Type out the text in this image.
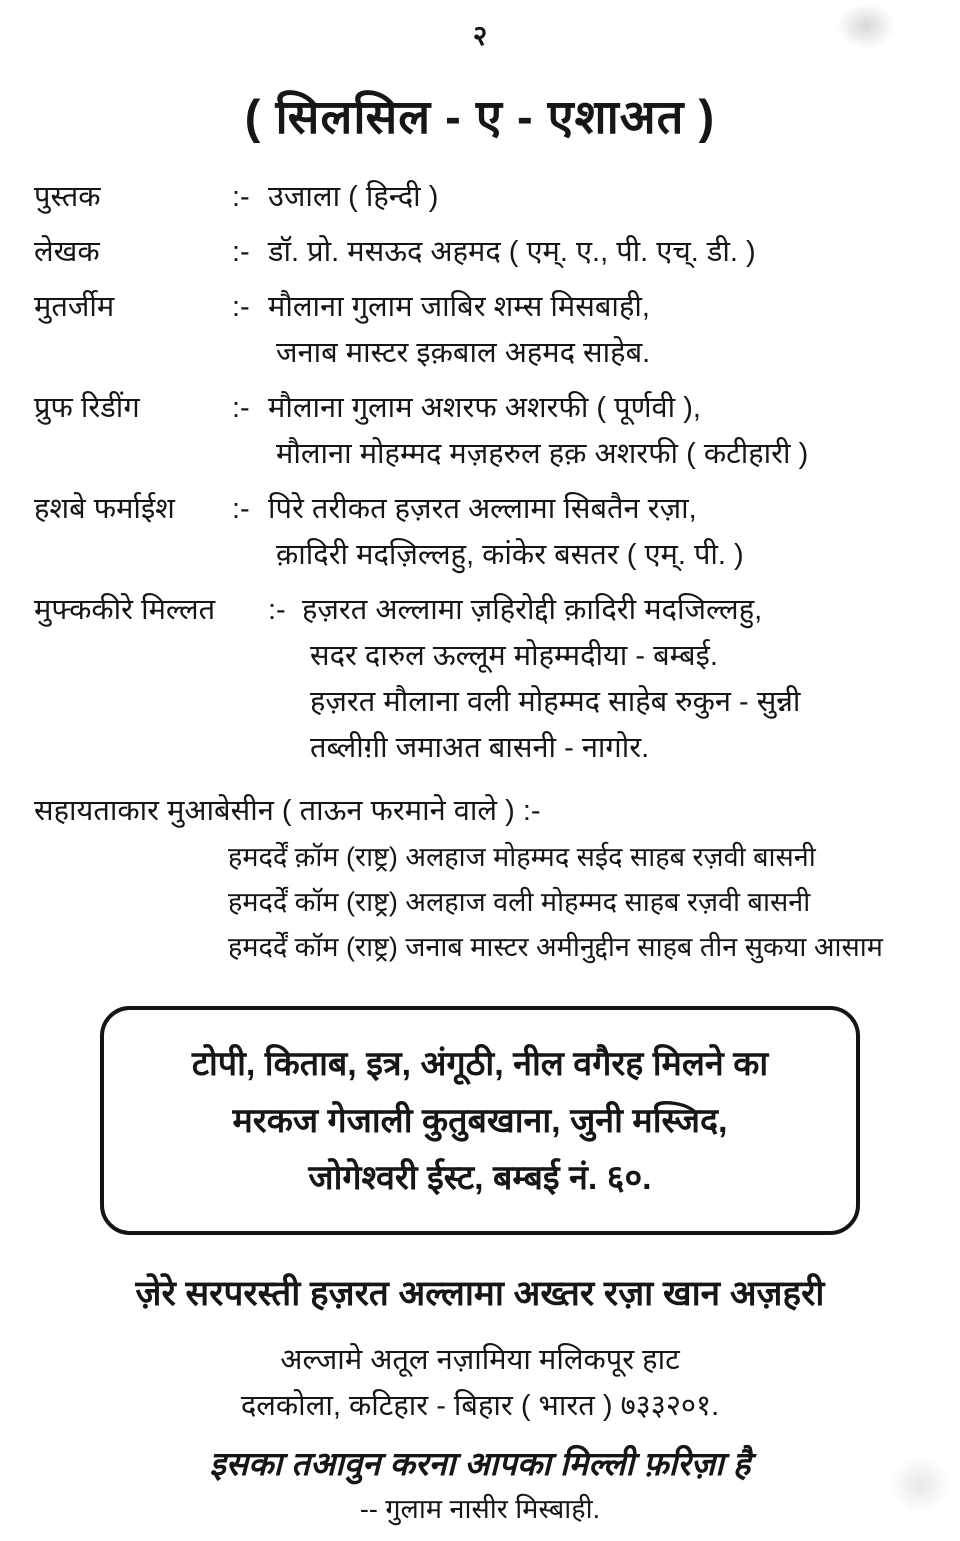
२
( सिलसिल - ए - एशाअत )
पुस्तक	:- उजाला ( हिन्दी )
लेखक	:- डॉ. प्रो. मसऊद अहमद ( एम्. ए., पी. एच्. डी. )
मुतर्जीम	:- मौलाना गुलाम जाबिर शम्स मिसबाही,
जनाब मास्टर इक़बाल अहमद साहेब.
प्रुफ रिडींग	:- मौलाना गुलाम अशरफ अशरफी ( पूर्णवी ),
मौलाना मोहम्मद मज़हरुल हक़ अशरफी ( कटीहारी )
हशबे फर्माईश	:- पिरे तरीकत हज़रत अल्लामा सिबतैन रज़ा,
क़ादिरी मदज़िल्लहु, कांकेर बसतर ( एम्. पी. )
मुफ्ककीरे मिल्लत	:- हज़रत अल्लामा ज़हिरोद्दी क़ादिरी मदजिल्लहु,
सदर दारुल ऊल्लूम मोहम्मदीया - बम्बई.
हज़रत मौलाना वली मोहम्मद साहेब रुकुन - सुन्नी
तब्लीग़ी जमाअत बासनी - नागोर.
सहायताकार मुआबेसीन ( ताऊन फरमाने वाले ) :-
हमदर्दें क़ॉम (राष्ट्र) अलहाज मोहम्मद सईद साहब रज़वी बासनी
हमदर्दें कॉम (राष्ट्र) अलहाज वली मोहम्मद साहब रज़वी बासनी
हमदर्दें कॉम (राष्ट्र) जनाब मास्टर अमीनुद्दीन साहब तीन सुकया आसाम
टोपी, किताब, इत्र, अंगूठी, नील वगैरह मिलने का
मरकज गेजाली कुतुबखाना, जुनी मस्जिद,
जोगेश्वरी ईस्ट, बम्बई नं. ६०.
ज़ेरे सरपरस्ती हज़रत अल्लामा अख्तर रज़ा खान अज़हरी
अल्जामे अतूल नज़ामिया मलिकपूर हाट
दलकोला, कटिहार - बिहार ( भारत ) ७३३२०१.
इसका तआवुन करना आपका मिल्ली फ़रिज़ा है
-- गुलाम नासीर मिस्बाही.
